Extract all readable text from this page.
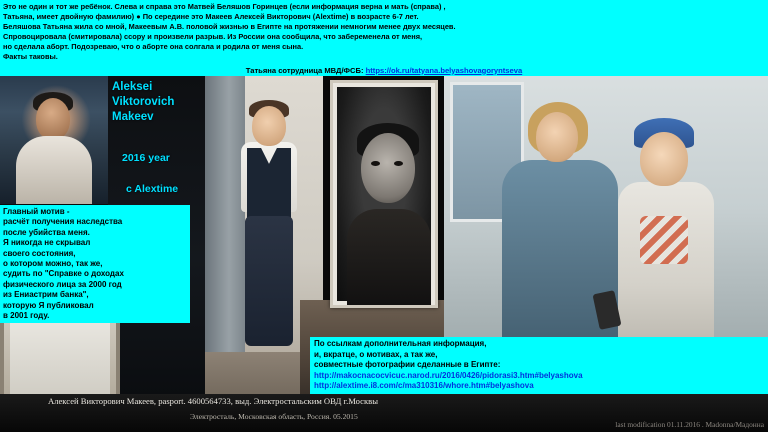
Это не один и тот же ребёнок. Слева и справа это Матвей Беляшов Горинцев (если информация верна и мать (справа) ,

Татьяна, имеет двойную фамилию) ● По середине это Макеев Алексей Викторович (Alextime) в возрасте 6-7 лет.

Беляшова Татьяна жила со мной, Макеевым А.В. половой жизнью в Египте на протяжении немногим менее двух месяцев.

Спровоцировала (смитировала) ссору и произвели разрыв. Из России она сообщила, что забеременела от меня,

но сделала аборт. Подозреваю, что о аборте она солгала и родила от меня сына.

Факты таковы.

Татьяна сотрудница МВД/ФСБ: https://ok.ru/tatyana.belyashovagoryntseva
Aleksei
Viktorovich
Makeev
2016 year
c Alextime

Главный мотив -

расчёт получения наследства

после убийства меня.

Я никогда не скрывал

своего состояния,

о котором можно, так же,

судить по "Справке о доходах

физического лица за 2000 год

из Ениастрим банка",

которую Я публиковал

в 2001 году.

По ссылкам дополнительная информация,

и, вкратце, о мотивах, а так же,

совместные фотографии сделанные в Египте:

http://makocnacocvicuc.narod.ru/2016/0426/pidorasi3.htm#belyashova

http://alextime.i8.com/c/ma310316/whore.htm#belyashova

Алексей Викторович Макеев, pasport. 4600564733, выд. Электростальским ОВД г.Москвы
Электросталь, Московская область, Россия. 05.2015
last modification 01.11.2016 . Madonna/Мадонна
